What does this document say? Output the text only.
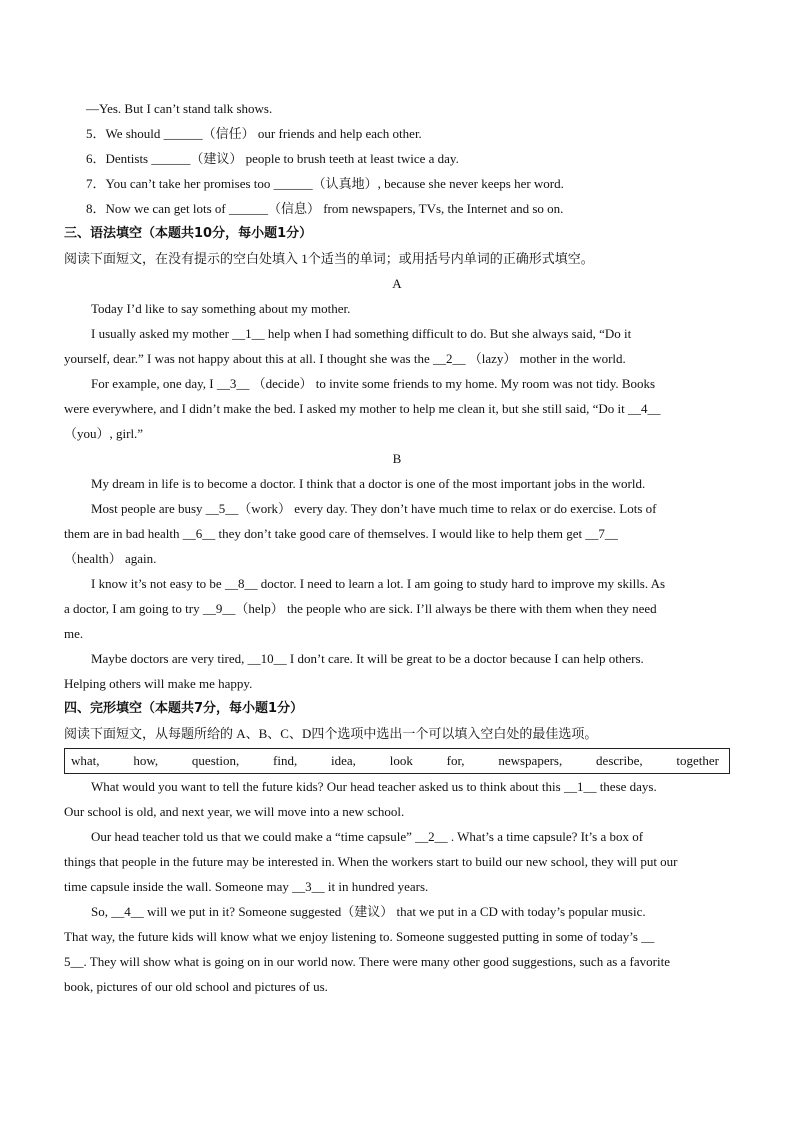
—Yes. But I can’t stand talk shows.
5．We should ______（信任） our friends and help each other.
6．Dentists ______（建议） people to brush teeth at least twice a day.
7．You can’t take her promises too ______（认真地）, because she never keeps her word.
8．Now we can get lots of ______（信息） from newspapers, TVs, the Internet and so on.
三、语法填空（本题共10分，每小题1分）
阅读下面短文，在没有提示的空白处填入 1个适当的单词；或用括号内单词的正确形式填空。
A
Today I’d like to say something about my mother.
I usually asked my mother __1__ help when I had something difficult to do. But she always said, “Do it
yourself, dear.” I was not happy about this at all. I thought she was the __2__ （lazy） mother in the world.
For example, one day, I __3__ （decide） to invite some friends to my home. My room was not tidy. Books
were everywhere, and I didn’t make the bed. I asked my mother to help me clean it, but she still said, “Do it __4__
（you）, girl.”
B
My dream in life is to become a doctor. I think that a doctor is one of the most important jobs in the world.
Most people are busy __5__（work） every day. They don’t have much time to relax or do exercise. Lots of
them are in bad health __6__ they don’t take good care of themselves. I would like to help them get __7__
（health） again.
I know it’s not easy to be __8__ doctor. I need to learn a lot. I am going to study hard to improve my skills. As
a doctor, I am going to try __9__（help） the people who are sick. I’ll always be there with them when they need
me.
Maybe doctors are very tired, __10__ I don’t care. It will be great to be a doctor because I can help others.
Helping others will make me happy.
四、完形填空（本题共7分，每小题1分）
阅读下面短文，从每题所给的 A、B、C、D四个选项中选出一个可以填入空白处的最佳选项。
what,	how,	question,	find,	idea,	look	for,	newspapers,	describe,	together
What would you want to tell the future kids? Our head teacher asked us to think about this __1__ these days.
Our school is old, and next year, we will move into a new school.
Our head teacher told us that we could make a “time capsule” __2__ . What’s a time capsule? It’s a box of
things that people in the future may be interested in. When the workers start to build our new school, they will put our
time capsule inside the wall. Someone may __3__ it in hundred years.
So, __4__ will we put in it? Someone suggested（建议） that we put in a CD with today’s popular music.
That way, the future kids will know what we enjoy listening to. Someone suggested putting in some of today’s __
5__. They will show what is going on in our world now. There were many other good suggestions, such as a favorite
book, pictures of our old school and pictures of us.
